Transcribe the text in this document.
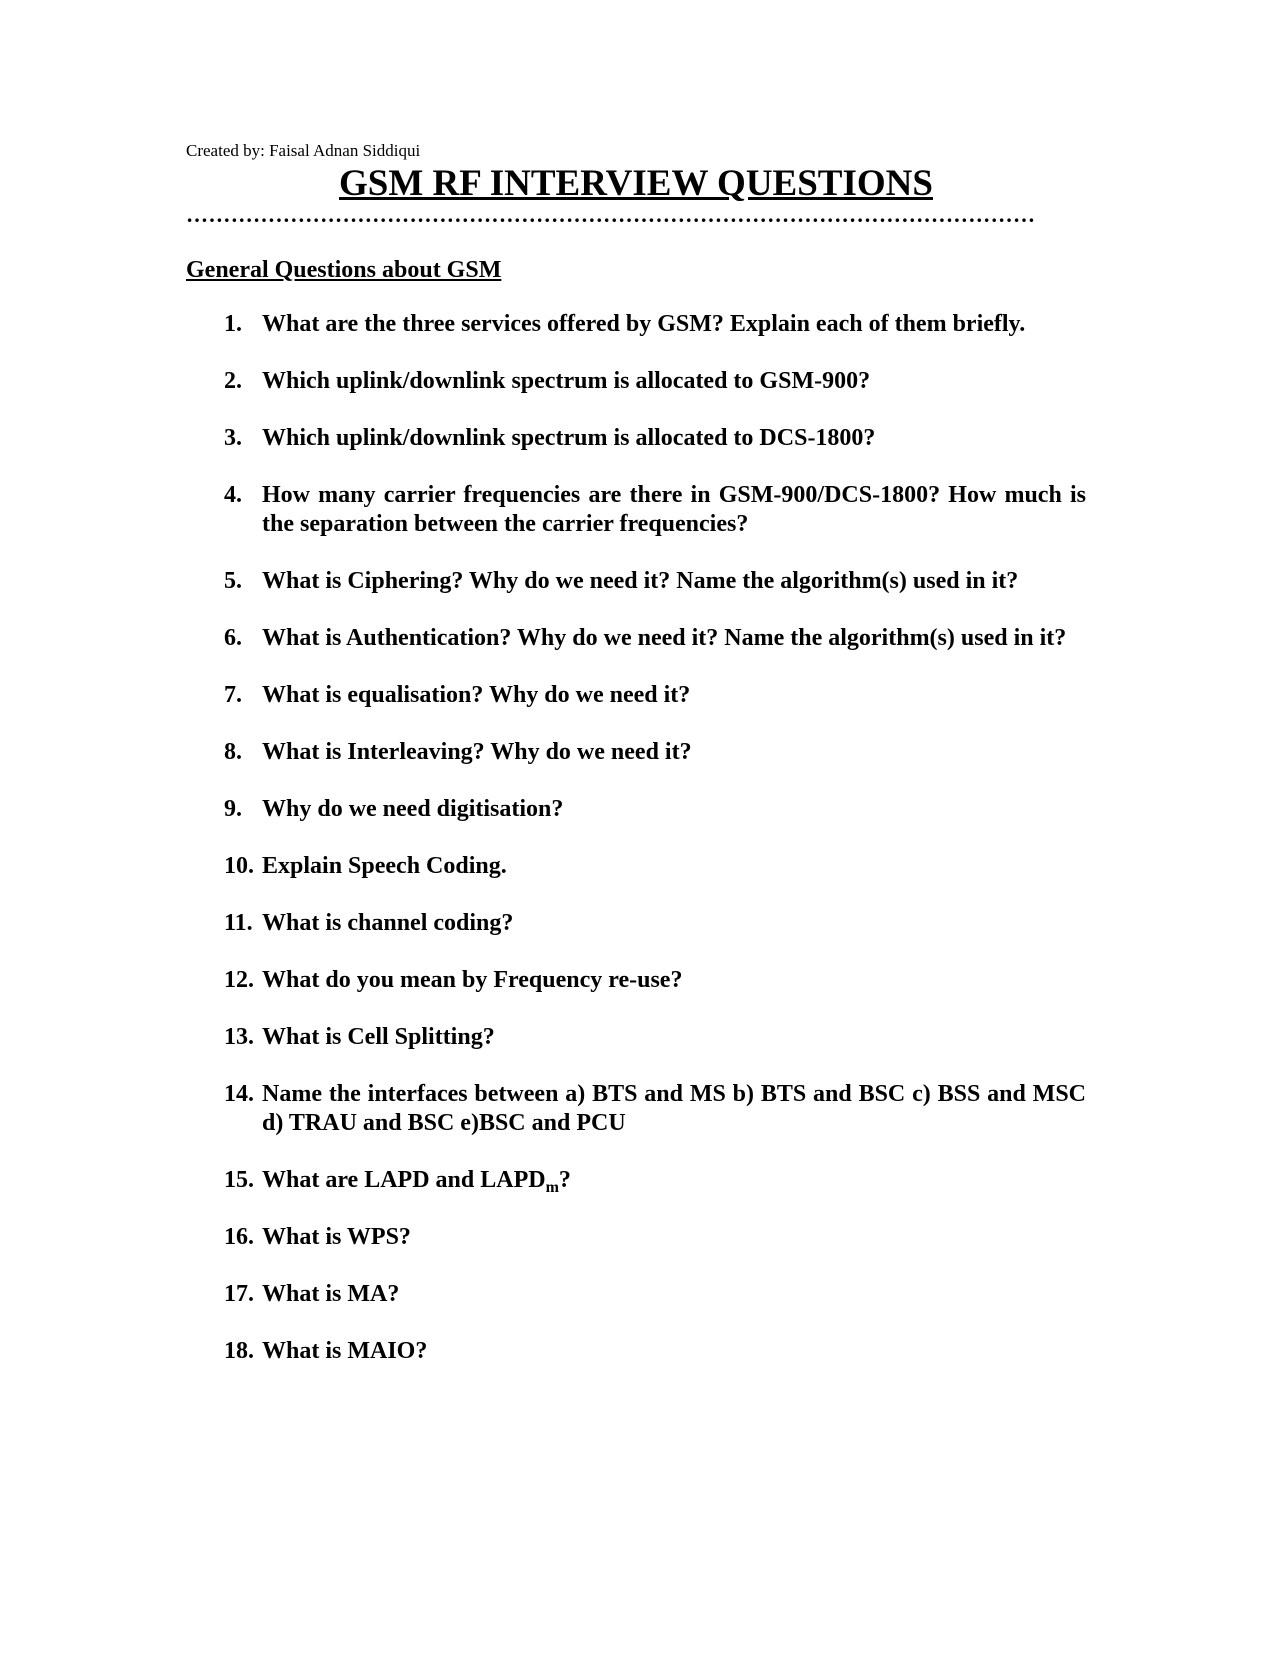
Created by: Faisal Adnan Siddiqui

GSM RF INTERVIEW QUESTIONS
……………………………………………………………………………………………………
General Questions about GSM
1. What are the three services offered by GSM? Explain each of them briefly.
2. Which uplink/downlink spectrum is allocated to GSM-900?
3. Which uplink/downlink spectrum is allocated to DCS-1800?
4. How many carrier frequencies are there in GSM-900/DCS-1800? How much is the separation between the carrier frequencies?
5. What is Ciphering? Why do we need it? Name the algorithm(s) used in it?
6. What is Authentication? Why do we need it? Name the algorithm(s) used in it?
7. What is equalisation? Why do we need it?
8. What is Interleaving? Why do we need it?
9. Why do we need digitisation?
10. Explain Speech Coding.
11. What is channel coding?
12. What do you mean by Frequency re-use?
13. What is Cell Splitting?
14. Name the interfaces between a) BTS and MS b) BTS and BSC c) BSS and MSC d) TRAU and BSC e)BSC and PCU
15. What are LAPD and $LAPD_m$?
16. What is WPS?
17. What is MA?
18. What is MAIO?
